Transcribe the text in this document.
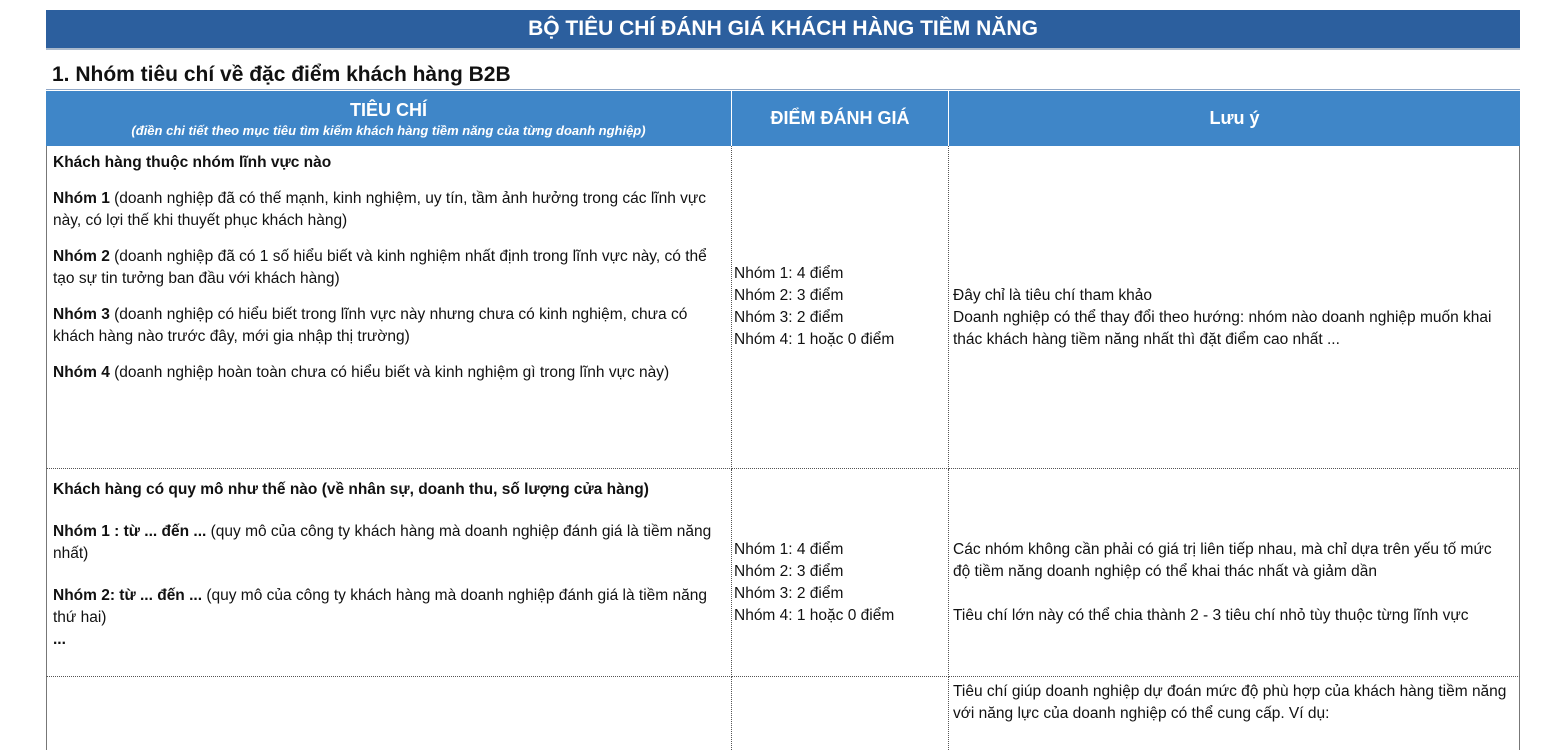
BỘ TIÊU CHÍ ĐÁNH GIÁ KHÁCH HÀNG TIỀM NĂNG
1. Nhóm tiêu chí về đặc điểm khách hàng B2B
TIÊU CHÍ
(điền chi tiết theo mục tiêu tìm kiếm khách hàng tiềm năng của từng doanh nghiệp)
ĐIỂM ĐÁNH GIÁ	Lưu ý
Khách hàng thuộc nhóm lĩnh vực nào
Nhóm 1 (doanh nghiệp đã có thế mạnh, kinh nghiệm, uy tín, tầm ảnh hưởng trong các lĩnh vực này, có lợi thế khi thuyết phục khách hàng)
Nhóm 2 (doanh nghiệp đã có 1 số hiểu biết và kinh nghiệm nhất định trong lĩnh vực này, có thể tạo sự tin tưởng ban đầu với khách hàng)
Nhóm 3 (doanh nghiệp có hiểu biết trong lĩnh vực này nhưng chưa có kinh nghiệm, chưa có khách hàng nào trước đây, mới gia nhập thị trường)
Nhóm 4 (doanh nghiệp hoàn toàn chưa có hiểu biết và kinh nghiệm gì trong lĩnh vực này)
Nhóm 1: 4 điểm
Nhóm 2: 3 điểm
Nhóm 3: 2 điểm
Nhóm 4: 1 hoặc 0 điểm
Đây chỉ là tiêu chí tham khảo
Doanh nghiệp có thể thay đổi theo hướng: nhóm nào doanh nghiệp muốn khai thác khách hàng tiềm năng nhất thì đặt điểm cao nhất ...
Khách hàng có quy mô như thế nào (về nhân sự, doanh thu, số lượng cửa hàng)
Nhóm 1 : từ ... đến ... (quy mô của công ty khách hàng mà doanh nghiệp đánh giá là tiềm năng nhất)
Nhóm 2: từ ... đến ... (quy mô của công ty khách hàng mà doanh nghiệp đánh giá là tiềm năng thứ hai)
...
Nhóm 1: 4 điểm
Nhóm 2: 3 điểm
Nhóm 3: 2 điểm
Nhóm 4: 1 hoặc 0 điểm
Các nhóm không cần phải có giá trị liên tiếp nhau, mà chỉ dựa trên yếu tố mức độ tiềm năng doanh nghiệp có thể khai thác nhất và giảm dần
Tiêu chí lớn này có thể chia thành 2 - 3 tiêu chí nhỏ tùy thuộc từng lĩnh vực
Tiêu chí giúp doanh nghiệp dự đoán mức độ phù hợp của khách hàng tiềm năng với năng lực của doanh nghiệp có thể cung cấp. Ví dụ:
